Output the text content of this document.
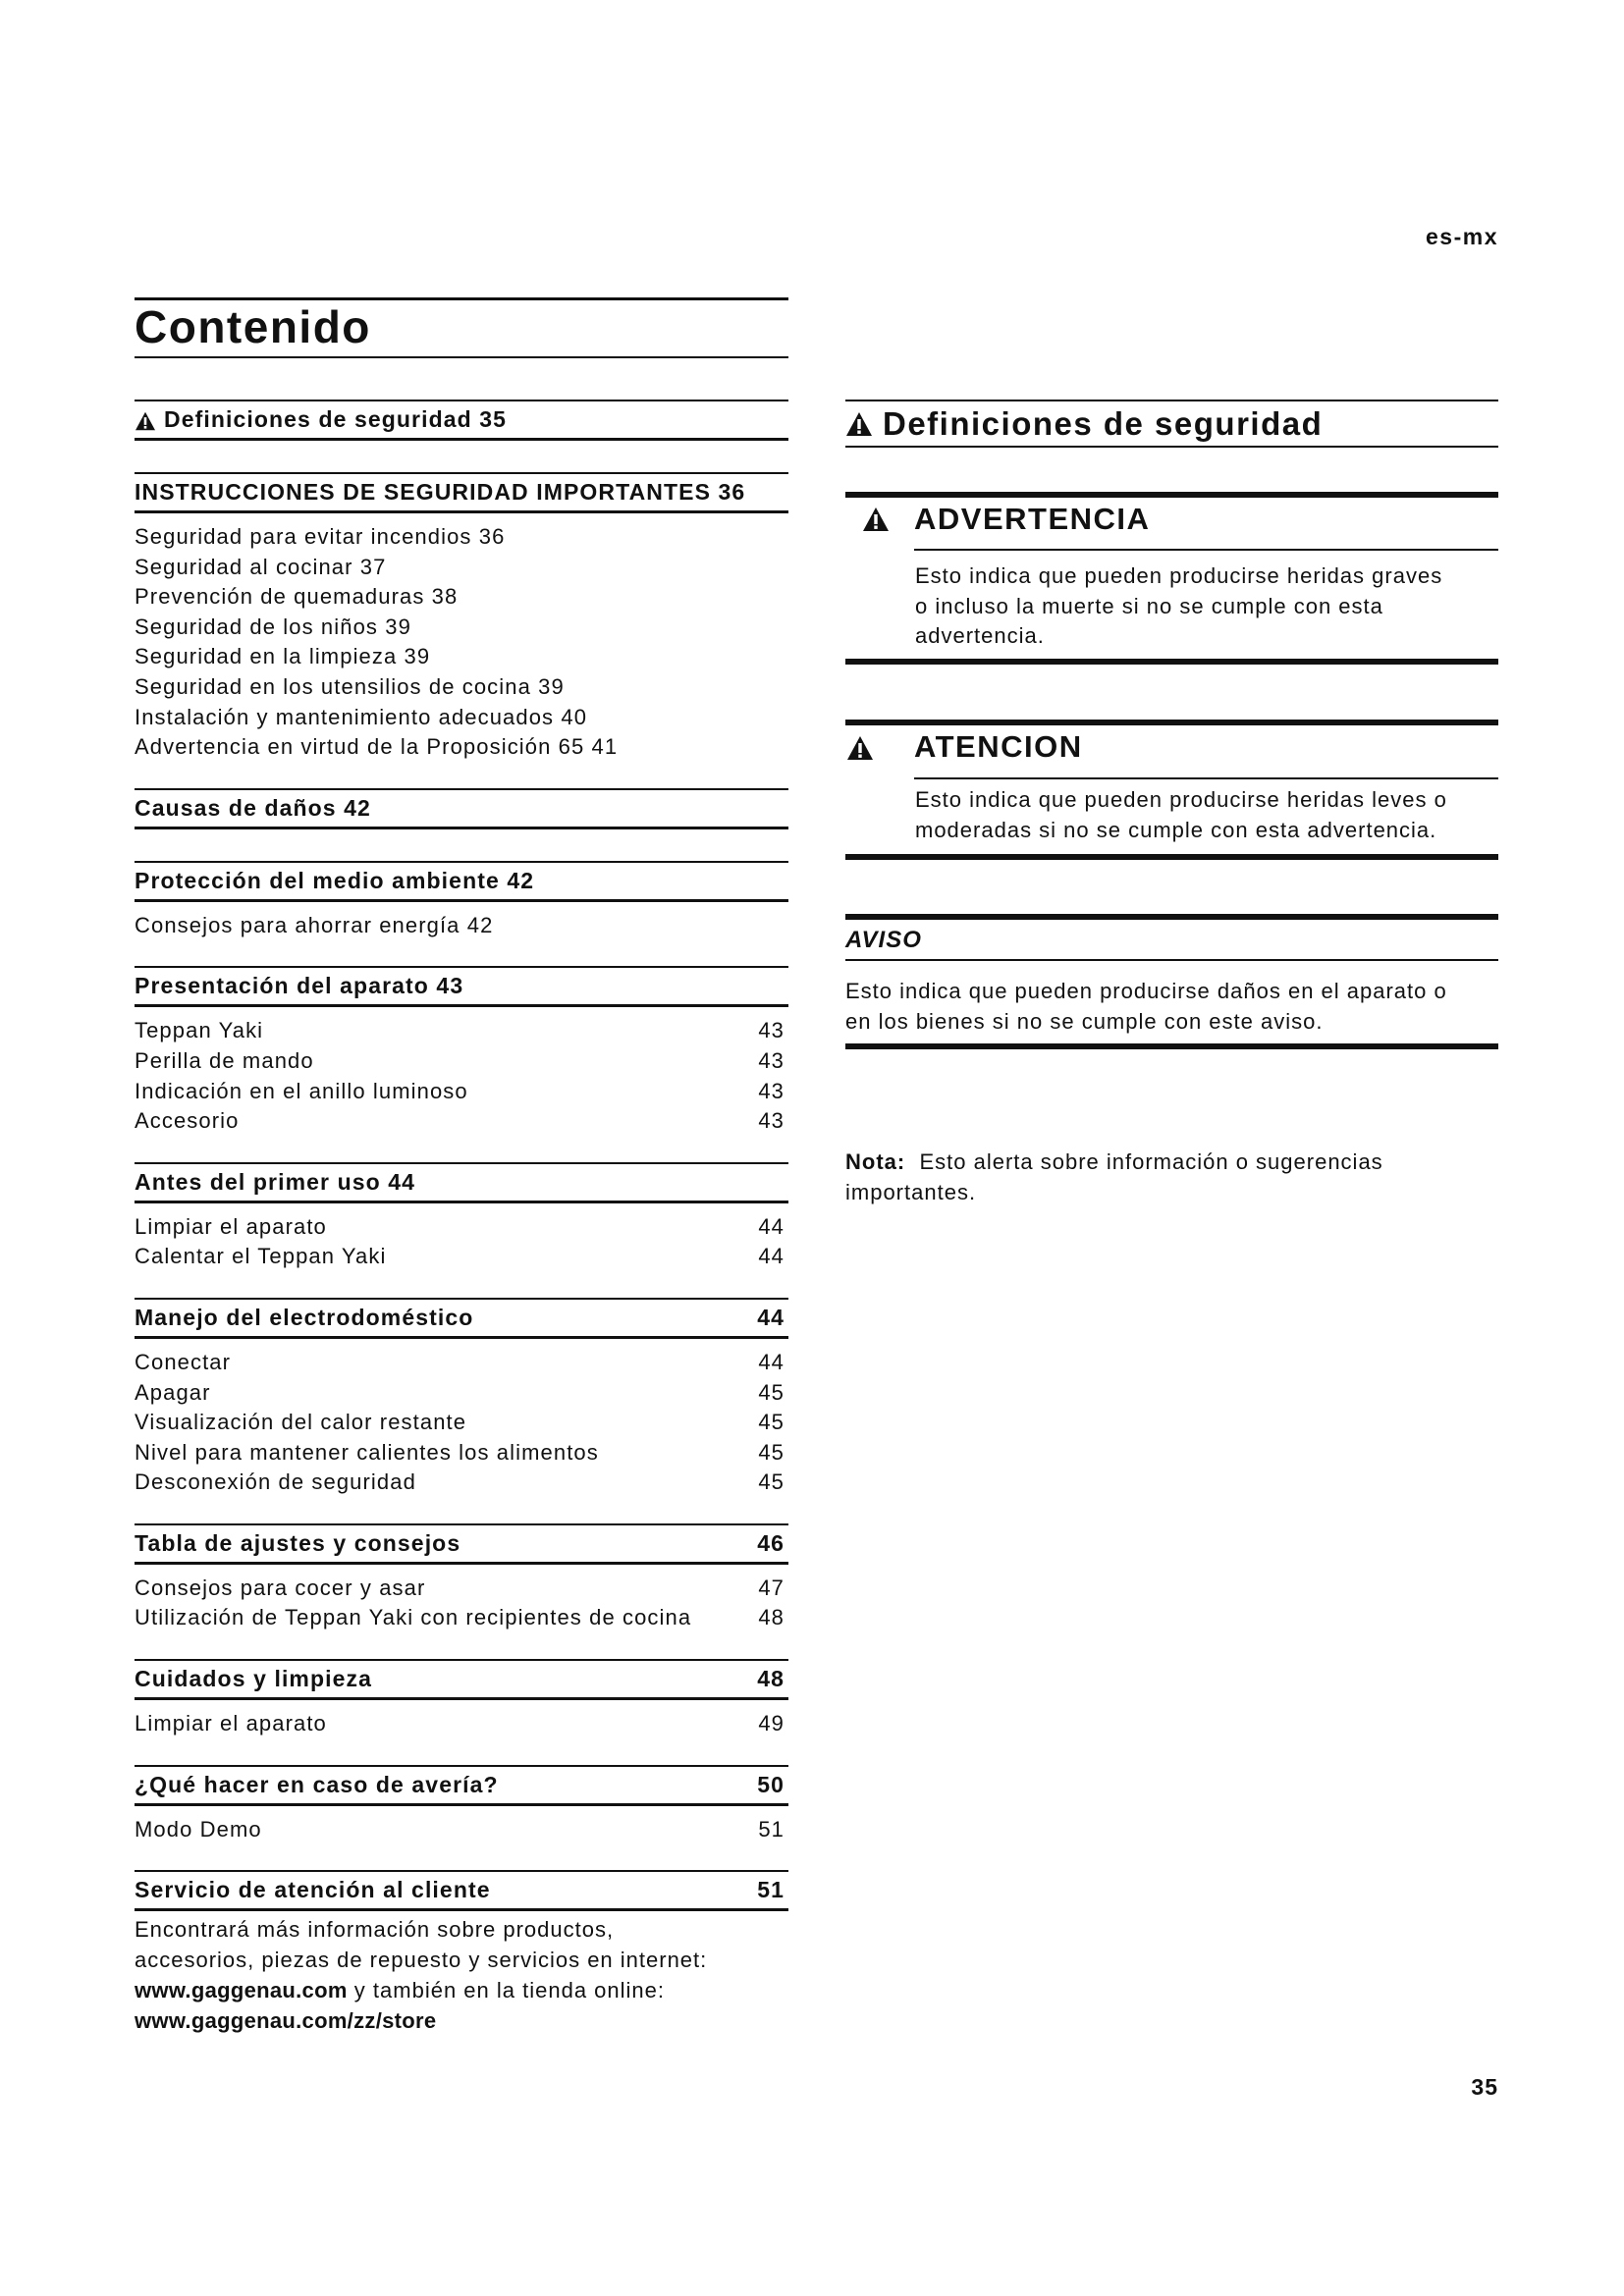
es-mx
Contenido
Definiciones de seguridad 35
INSTRUCCIONES DE SEGURIDAD IMPORTANTES 36
Seguridad para evitar incendios 36
Seguridad al cocinar 37
Prevención de quemaduras 38
Seguridad de los niños 39
Seguridad en la limpieza 39
Seguridad en los utensilios de cocina 39
Instalación y mantenimiento adecuados 40
Advertencia en virtud de la Proposición 65 41
Causas de daños 42
Protección del medio ambiente 42
Consejos para ahorrar energía 42
Presentación del aparato 43
Teppan Yaki	43
Perilla de mando	43
Indicación en el anillo luminoso	43
Accesorio	43
Antes del primer uso 44
Limpiar el aparato	44
Calentar el Teppan Yaki	44
Manejo del electrodoméstico	44
Conectar	44
Apagar	45
Visualización del calor restante	45
Nivel para mantener calientes los alimentos	45
Desconexión de seguridad	45
Tabla de ajustes y consejos	46
Consejos para cocer y asar	47
Utilización de Teppan Yaki con recipientes de cocina	48
Cuidados y limpieza	48
Limpiar el aparato	49
¿Qué hacer en caso de avería?	50
Modo Demo	51
Servicio de atención al cliente	51
Encontrará más información sobre productos,
accesorios, piezas de repuesto y servicios en internet:
www.gaggenau.com y también en la tienda online:
www.gaggenau.com/zz/store
35
Definiciones de seguridad
ADVERTENCIA
Esto indica que pueden producirse heridas graves
o incluso la muerte si no se cumple con esta
advertencia.
ATENCION
Esto indica que pueden producirse heridas leves o
moderadas si no se cumple con esta advertencia.
AVISO
Esto indica que pueden producirse daños en el aparato o
en los bienes si no se cumple con este aviso.
Nota: Esto alerta sobre información o sugerencias
importantes.
